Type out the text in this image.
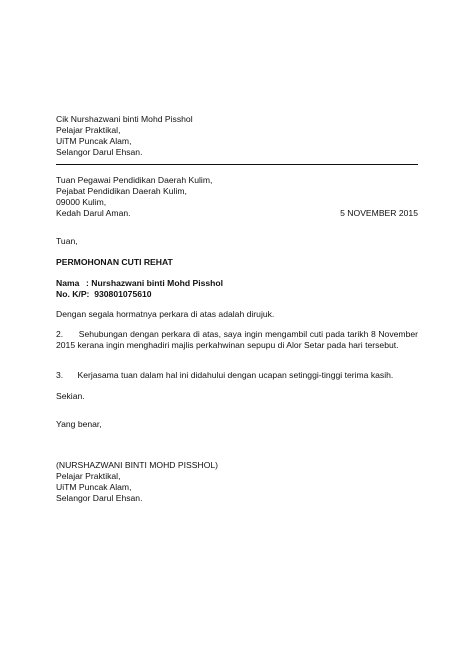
Cik Nurshazwani binti Mohd Pisshol
Pelajar Praktikal,
UiTM Puncak Alam,
Selangor Darul Ehsan.
Tuan Pegawai Pendidikan Daerah Kulim,
Pejabat Pendidikan Daerah Kulim,
09000 Kulim,
Kedah Darul Aman.	5 NOVEMBER 2015
Tuan,
PERMOHONAN CUTI REHAT
Nama : Nurshazwani binti Mohd Pisshol
No. K/P: 930801075610
Dengan segala hormatnya perkara di atas adalah dirujuk.
2. Sehubungan dengan perkara di atas, saya ingin mengambil cuti pada tarikh 8 November 2015 kerana ingin menghadiri majlis perkahwinan sepupu di Alor Setar pada hari tersebut.
3. Kerjasama tuan dalam hal ini didahului dengan ucapan setinggi-tinggi terima kasih.
Sekian.
Yang benar,
(NURSHAZWANI BINTI MOHD PISSHOL)
Pelajar Praktikal,
UiTM Puncak Alam,
Selangor Darul Ehsan.
